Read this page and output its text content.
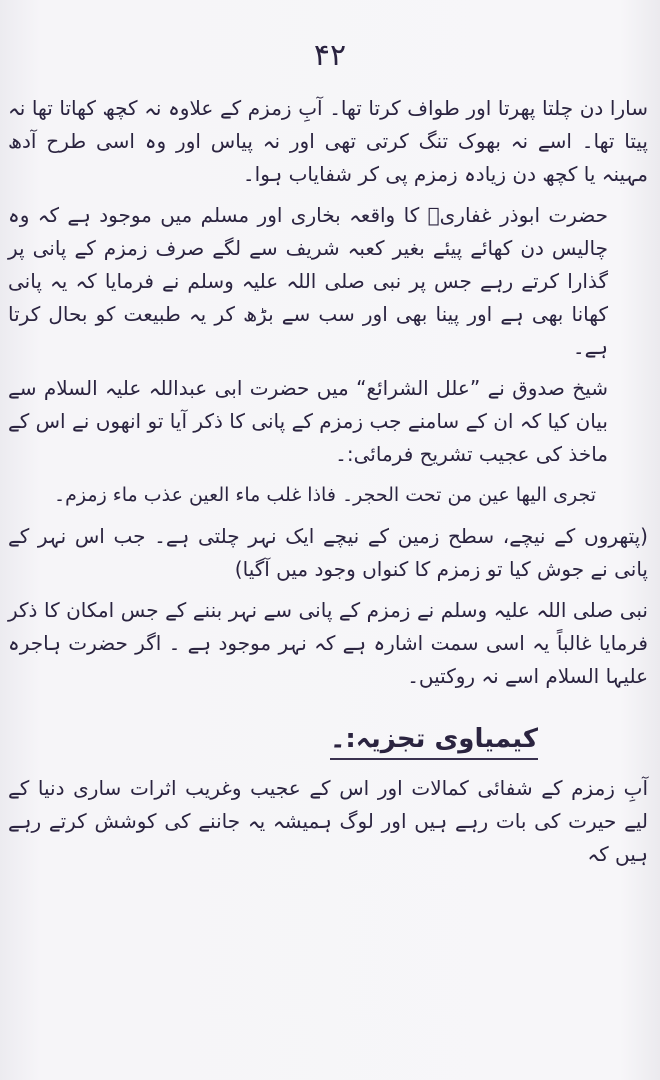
۴۲

سارا دن چلتا پھرتا اور طواف کرتا تھا۔ آبِ زمزم کے علاوہ نہ کچھ کھاتا تھا نہ پیتا تھا۔ اسے نہ بھوک تنگ کرتی تھی اور نہ پیاس اور وہ اسی طرح آدھ مہینہ یا کچھ دن زیادہ زمزم پی کر شفایاب ہوا۔

حضرت ابوذر غفاریؓ کا واقعہ بخاری اور مسلم میں موجود ہے کہ وہ چالیس دن کھائے پیئے بغیر کعبہ شریف سے لگے صرف زمزم کے پانی پر گذارا کرتے رہے جس پر نبی صلی اللہ علیہ وسلم نے فرمایا کہ یہ پانی کھانا بھی ہے اور پینا بھی اور سب سے بڑھ کر یہ طبیعت کو بحال کرتا ہے۔

شیخ صدوق نے ”علل الشرائع“ میں حضرت ابی عبداللہ علیہ السلام سے بیان کیا کہ ان کے سامنے جب زمزم کے پانی کا ذکر آیا تو انھوں نے اس کے ماخذ کی عجیب تشریح فرمائی:۔

تجری الیھا عین من تحت الحجر۔ فاذا غلب ماء العین عذب ماء زمزم۔

(پتھروں کے نیچے، سطح زمین کے نیچے ایک نہر چلتی ہے۔ جب اس نہر کے پانی نے جوش کیا تو زمزم کا کنواں وجود میں آگیا)

نبی صلی اللہ علیہ وسلم نے زمزم کے پانی سے نہر بننے کے جس امکان کا ذکر فرمایا غالباً یہ اسی سمت اشارہ ہے کہ نہر موجود ہے ۔ اگر حضرت ہاجرہ علیہا السلام اسے نہ روکتیں۔

کیمیاوی تجزیہ:۔

آبِ زمزم کے شفائی کمالات اور اس کے عجیب وغریب اثرات ساری دنیا کے لیے حیرت کی بات رہے ہیں اور لوگ ہمیشہ یہ جاننے کی کوشش کرتے رہے ہیں کہ
